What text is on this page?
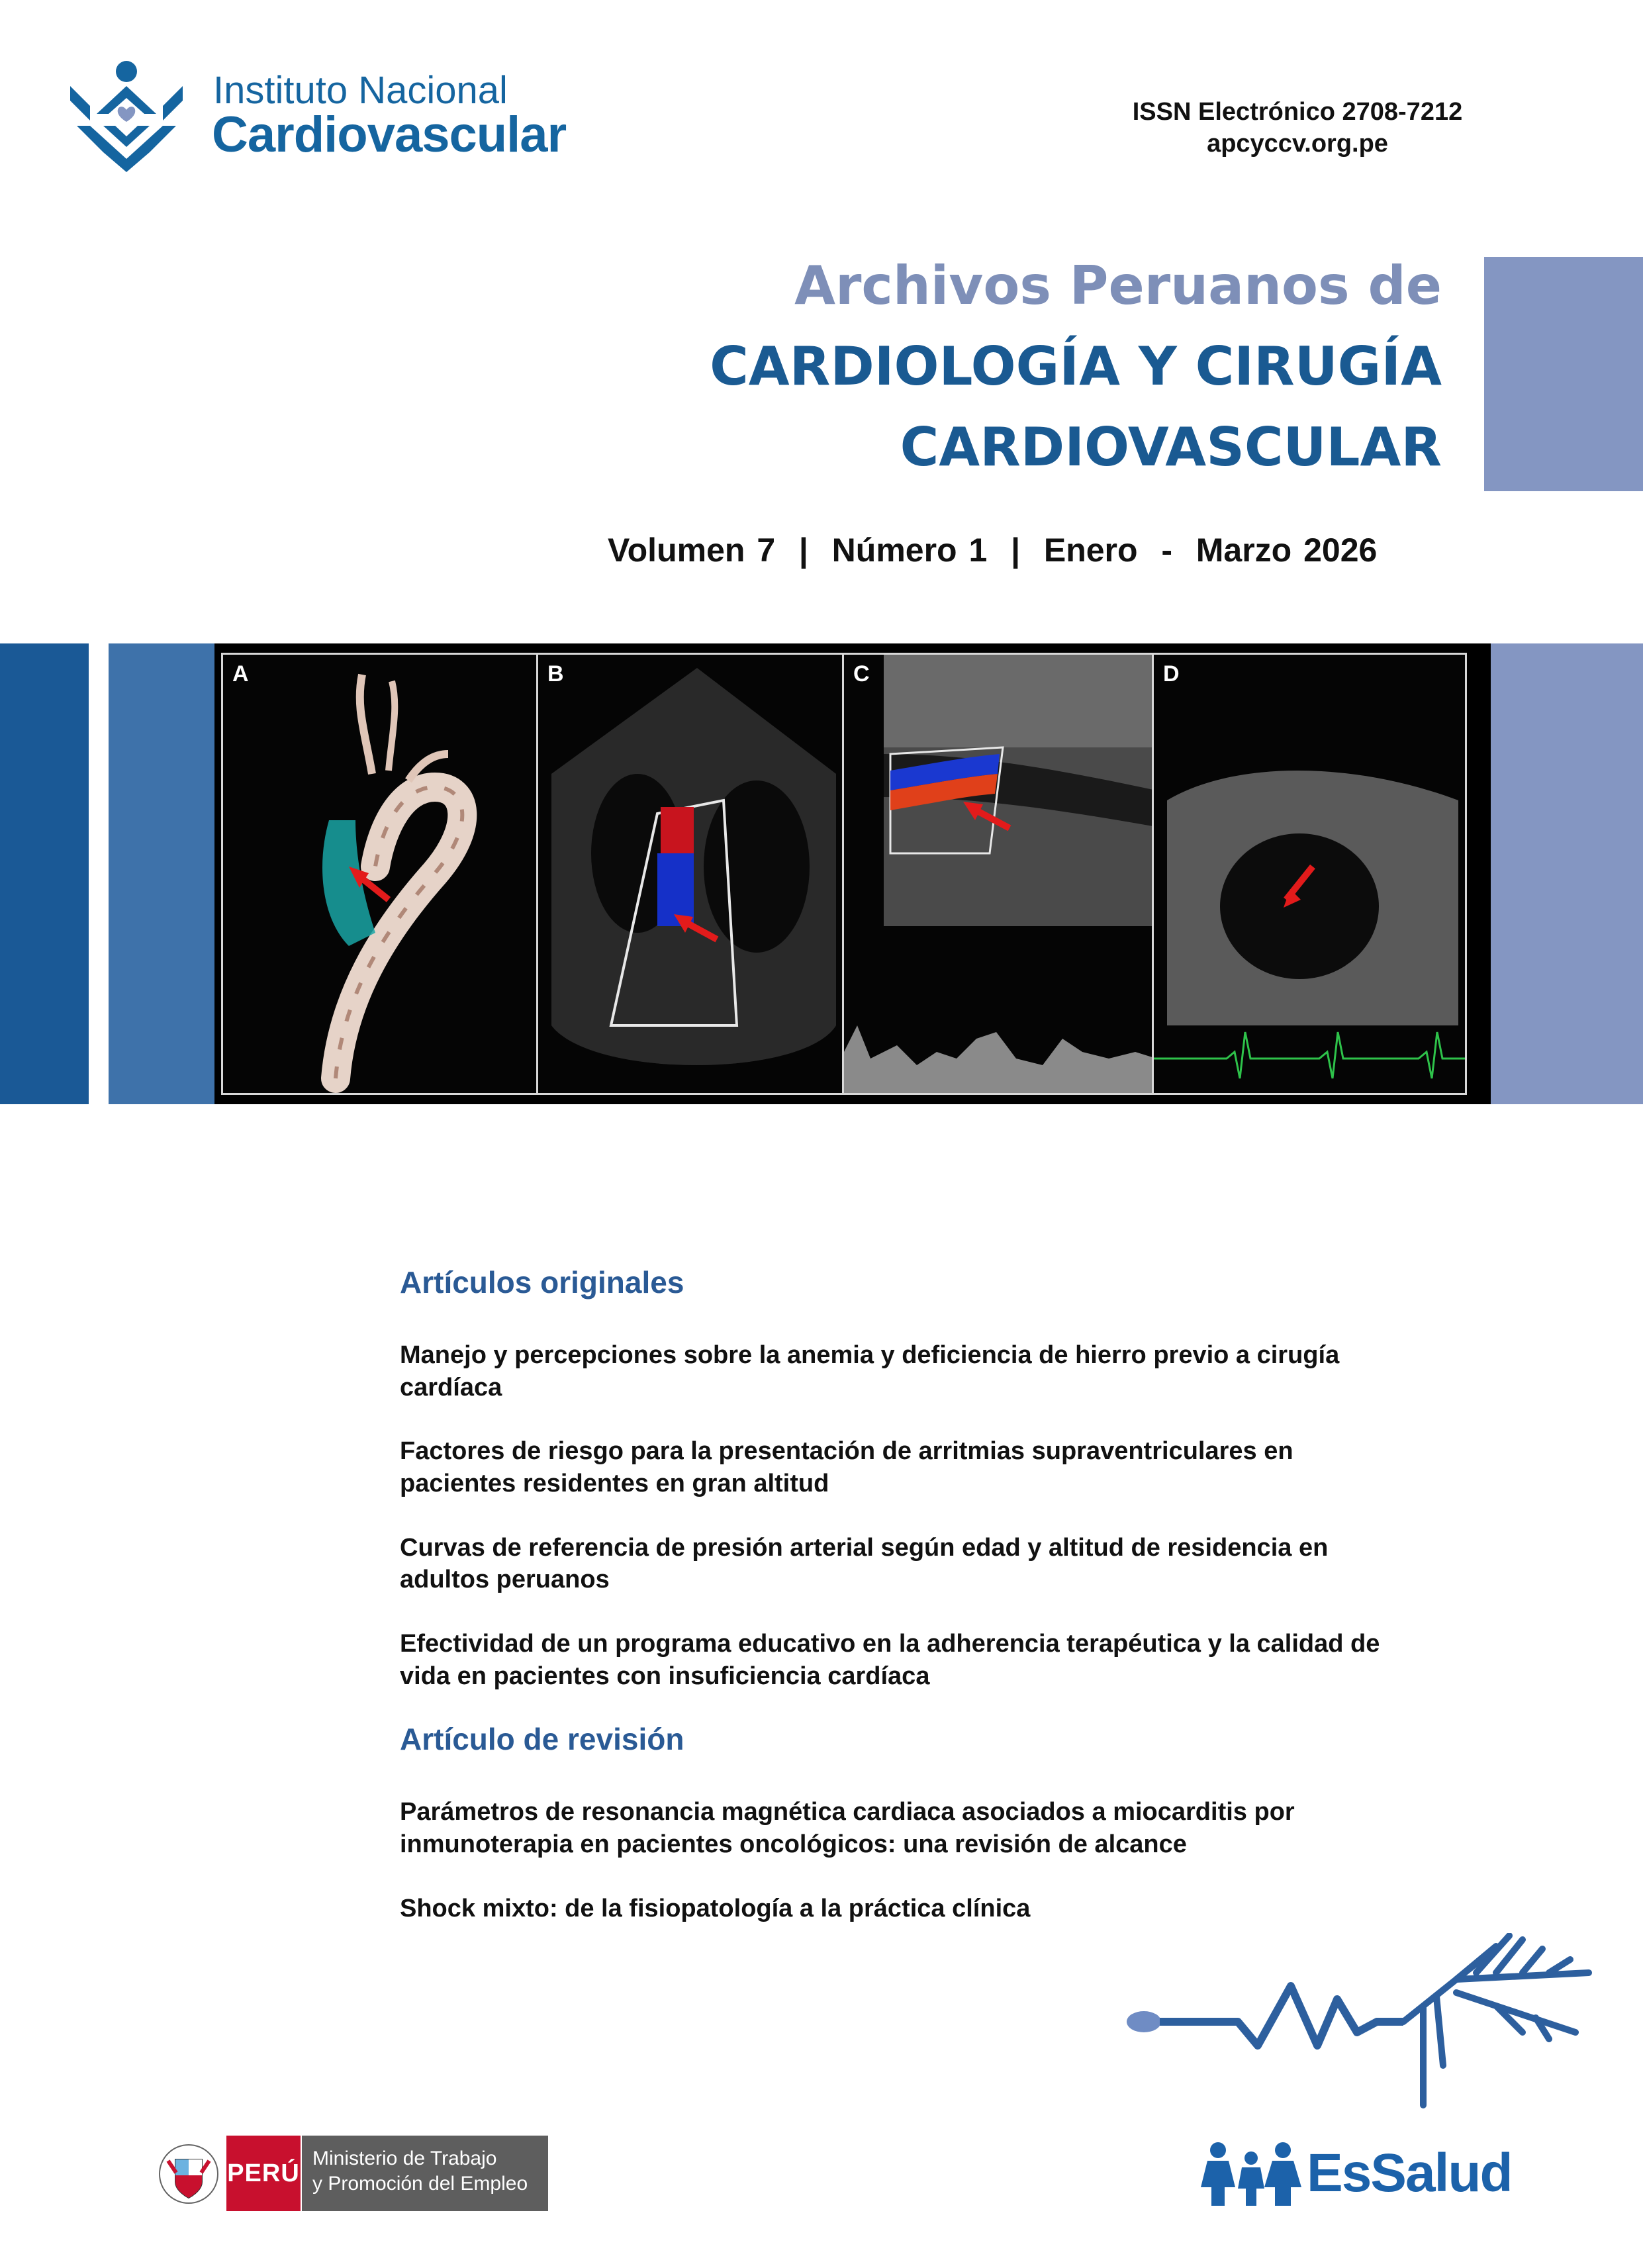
Instituto Nacional
Cardiovascular	ISSN Electrónico 2708-7212
apcyccv.org.pe
Archivos Peruanos de
CARDIOLOGÍA Y CIRUGÍA
CARDIOVASCULAR
Volumen 7  |  Número 1  |  Enero  -  Marzo 2026
A	B	C	D
Artículos originales

Manejo y percepciones sobre la anemia y deficiencia de hierro previo a cirugía cardíaca

Factores de riesgo para la presentación de arritmias supraventriculares en pacientes residentes en gran altitud

Curvas de referencia de presión arterial según edad y altitud de residencia en adultos peruanos

Efectividad de un programa educativo en la adherencia terapéutica y la calidad de vida en pacientes con insuficiencia cardíaca

Artículo de revisión

Parámetros de resonancia magnética cardiaca asociados a miocarditis por inmunoterapia en pacientes oncológicos: una revisión de alcance

Shock mixto: de la fisiopatología a la práctica clínica

PERÚ
Ministerio de Trabajo
y Promoción del Empleo	EsSalud
